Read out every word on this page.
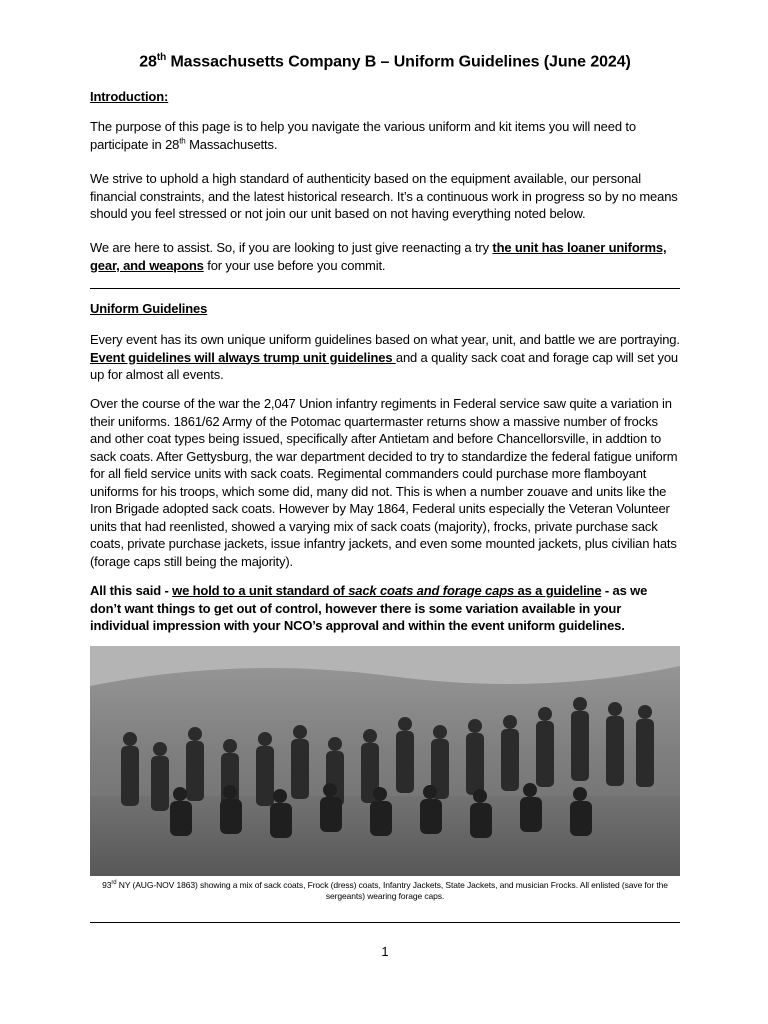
28th Massachusetts Company B – Uniform Guidelines (June 2024)
Introduction:
The purpose of this page is to help you navigate the various uniform and kit items you will need to participate in 28th Massachusetts.
We strive to uphold a high standard of authenticity based on the equipment available, our personal financial constraints, and the latest historical research. It’s a continuous work in progress so by no means should you feel stressed or not join our unit based on not having everything noted below.
We are here to assist. So, if you are looking to just give reenacting a try the unit has loaner uniforms, gear, and weapons for your use before you commit.
Uniform Guidelines
Every event has its own unique uniform guidelines based on what year, unit, and battle we are portraying. Event guidelines will always trump unit guidelines and a quality sack coat and forage cap will set you up for almost all events.
Over the course of the war the 2,047 Union infantry regiments in Federal service saw quite a variation in their uniforms. 1861/62 Army of the Potomac quartermaster returns show a massive number of frocks and other coat types being issued, specifically after Antietam and before Chancellorsville, in addtion to sack coats. After Gettysburg, the war department decided to try to standardize the federal fatigue uniform for all field service units with sack coats. Regimental commanders could purchase more flamboyant uniforms for his troops, which some did, many did not. This is when a number zouave and units like the Iron Brigade adopted sack coats. However by May 1864, Federal units especially the Veteran Volunteer units that had reenlisted, showed a varying mix of sack coats (majority), frocks, private purchase sack coats, private purchase jackets, issue infantry jackets, and even some mounted jackets, plus civilian hats (forage caps still being the majority).
All this said - we hold to a unit standard of sack coats and forage caps as a guideline - as we don’t want things to get out of control, however there is some variation available in your individual impression with your NCO’s approval and within the event uniform guidelines.
93rd NY (AUG-NOV 1863) showing a mix of sack coats, Frock (dress) coats, Infantry Jackets, State Jackets, and musician Frocks. All enlisted (save for the sergeants) wearing forage caps.
1
